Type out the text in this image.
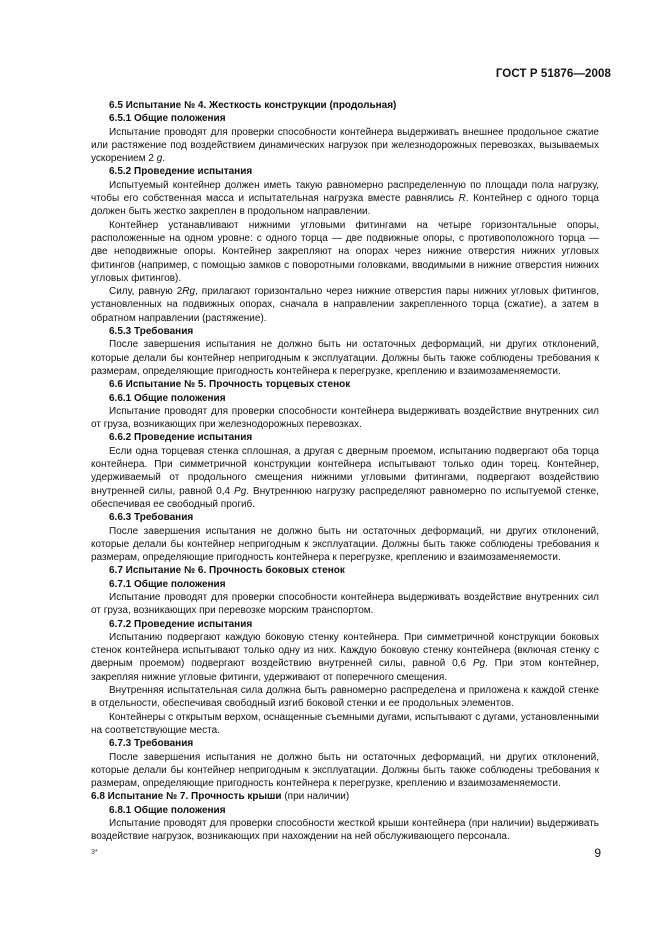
ГОСТ Р 51876—2008

6.5 Испытание № 4. Жесткость конструкции (продольная)

6.5.1 Общие положения

Испытание проводят для проверки способности контейнера выдерживать внешнее продольное сжатие или растяжение под воздействием динамических нагрузок при железнодорожных перевозках, вызываемых ускорением 2 g.

6.5.2 Проведение испытания

Испытуемый контейнер должен иметь такую равномерно распределенную по площади пола нагрузку, чтобы его собственная масса и испытательная нагрузка вместе равнялись R. Контейнер с одного торца должен быть жестко закреплен в продольном направлении.

Контейнер устанавливают нижними угловыми фитингами на четыре горизонтальные опоры, расположенные на одном уровне: с одного торца — две подвижные опоры, с противоположного торца — две неподвижные опоры. Контейнер закрепляют на опорах через нижние отверстия нижних угловых фитингов (например, с помощью замков с поворотными головками, вводимыми в нижние отверстия нижних угловых фитингов).

Силу, равную 2Rg, прилагают горизонтально через нижние отверстия пары нижних угловых фитингов, установленных на подвижных опорах, сначала в направлении закрепленного торца (сжатие), а затем в обратном направлении (растяжение).

6.5.3 Требования

После завершения испытания не должно быть ни остаточных деформаций, ни других отклонений, которые делали бы контейнер непригодным к эксплуатации. Должны быть также соблюдены требования к размерам, определяющие пригодность контейнера к перегрузке, креплению и взаимозаменяемости.

6.6 Испытание № 5. Прочность торцевых стенок

6.6.1 Общие положения

Испытание проводят для проверки способности контейнера выдерживать воздействие внутренних сил от груза, возникающих при железнодорожных перевозках.

6.6.2 Проведение испытания

Если одна торцевая стенка сплошная, а другая с дверным проемом, испытанию подвергают оба торца контейнера. При симметричной конструкции контейнера испытывают только один торец. Контейнер, удерживаемый от продольного смещения нижними угловыми фитингами, подвергают воздействию внутренней силы, равной 0,4 Pg. Внутреннюю нагрузку распределяют равномерно по испытуемой стенке, обеспечивая ее свободный прогиб.

6.6.3 Требования

После завершения испытания не должно быть ни остаточных деформаций, ни других отклонений, которые делали бы контейнер непригодным к эксплуатации. Должны быть также соблюдены требования к размерам, определяющие пригодность контейнера к перегрузке, креплению и взаимозаменяемости.

6.7 Испытание № 6. Прочность боковых стенок

6.7.1 Общие положения

Испытание проводят для проверки способности контейнера выдерживать воздействие внутренних сил от груза, возникающих при перевозке морским транспортом.

6.7.2 Проведение испытания

Испытанию подвергают каждую боковую стенку контейнера. При симметричной конструкции боковых стенок контейнера испытывают только одну из них. Каждую боковую стенку контейнера (включая стенку с дверным проемом) подвергают воздействию внутренней силы, равной 0,6 Pg. При этом контейнер, закрепляя нижние угловые фитинги, удерживают от поперечного смещения.

Внутренняя испытательная сила должна быть равномерно распределена и приложена к каждой стенке в отдельности, обеспечивая свободный изгиб боковой стенки и ее продольных элементов.

Контейнеры с открытым верхом, оснащенные съемными дугами, испытывают с дугами, установленными на соответствующие места.

6.7.3 Требования

После завершения испытания не должно быть ни остаточных деформаций, ни других отклонений, которые делали бы контейнер непригодным к эксплуатации. Должны быть также соблюдены требования к размерам, определяющие пригодность контейнера к перегрузке, креплению и взаимозаменяемости.

6.8 Испытание № 7. Прочность крыши (при наличии)

6.8.1 Общие положения

Испытание проводят для проверки способности жесткой крыши контейнера (при наличии) выдерживать воздействие нагрузок, возникающих при нахождении на ней обслуживающего персонала.

3*	9
